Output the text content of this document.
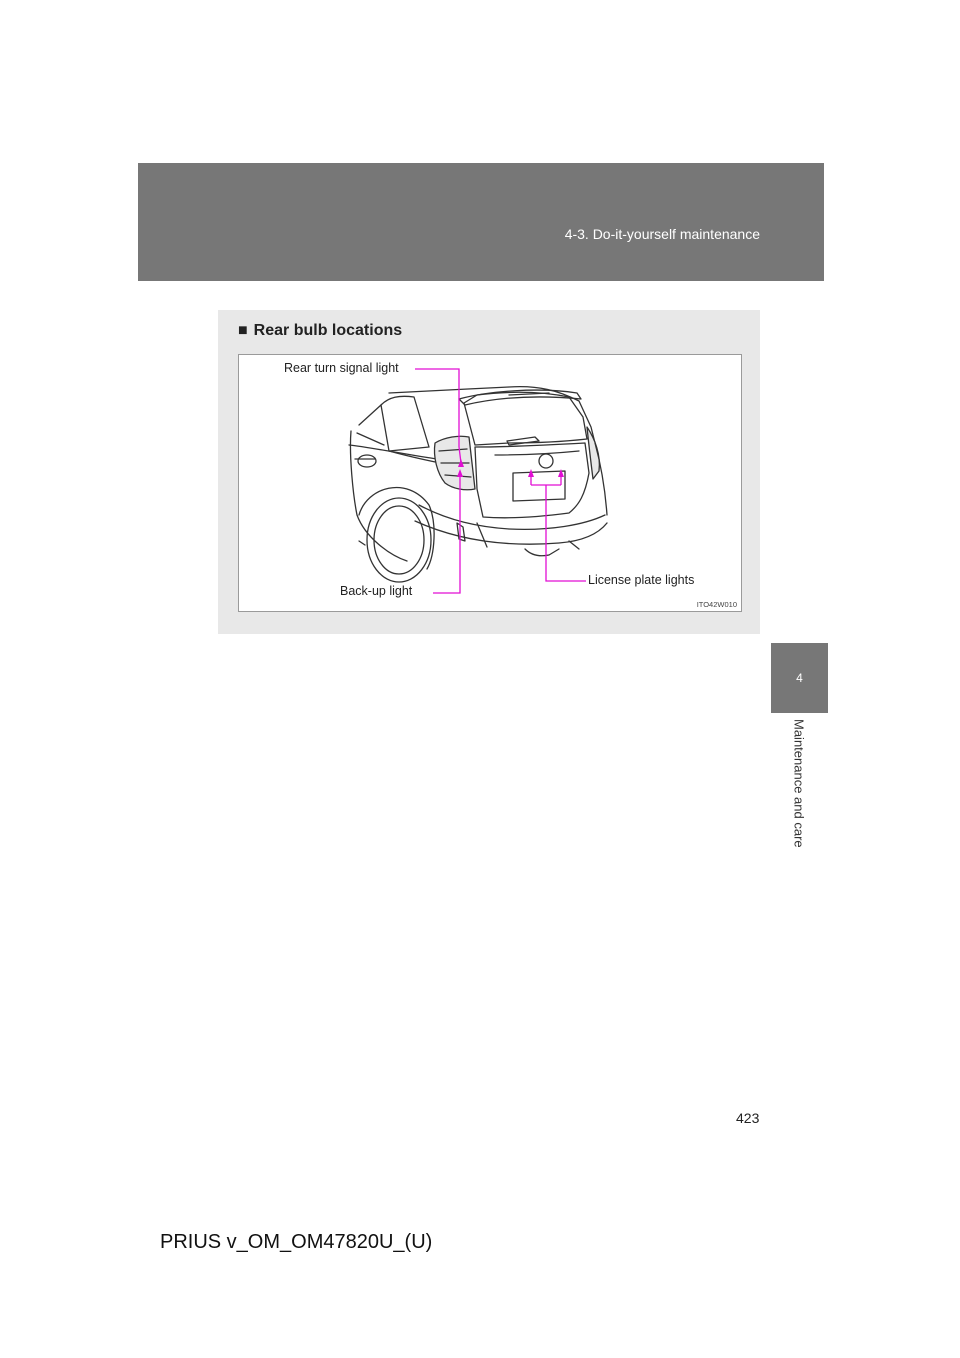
4-3. Do-it-yourself maintenance
4
Maintenance and care
■ Rear bulb locations
Rear turn signal light
Back-up light
License plate lights
ITO42W010
423
PRIUS v_OM_OM47820U_(U)
